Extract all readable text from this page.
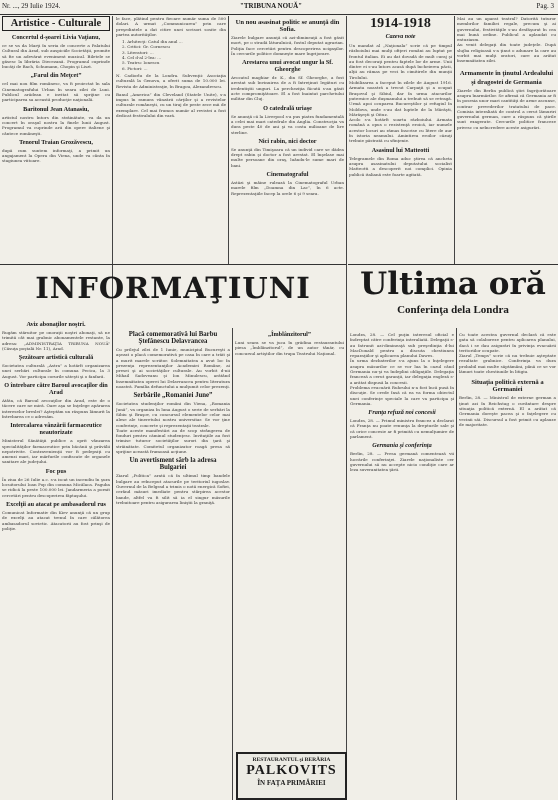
Nr. ..., 29 Iulie 1924.	"TRIBUNA NOUĂ"	Pag. 3
Artistice - Culturale
Concertul d-şoarei Livia Vaţianu,
ce se va da Marţi în seria de concerte a Palatului Cultural din Arad, sub auspiciile Societăţii, promite să fie un adevărat eveniment muzical. Biletele se găsesc la librăria Diecezană. Programul cuprinde bucăţi de Bach, Schumann, Chopin şi Liszt.
„Farul din Meţcet”
cel mai nou film românesc, va fi proiectat în sala Cinematografului Urban în seara zilei de Luni. Publicul arădean e invitat să sprijine cu participarea sa această producţie naţională.
Baritonul Jean Atanasiu,
artistul nostru întors din străinătate, va da un concert în oraşul nostru la finele lunii August. Programul va cuprinde arii din opere italiene şi cântece româneşti.
Tenorul Traian Grozăvescu,
după cum suntem informaţi, a primit un angajament la Opera din Viena, unde va cânta în stagiunea viitoare.
le face, plătind pentru fiecare număr suma de 500 dolari. A urmat „Communicarea” prin care preşedintele a dat citire unei scrisori sosite din partea autorităţilor.
1. Arhitecţi: Catul din anul ...
2. Critici: Gr. Cornescu
3. Literatori: ...
4. Cel d-al 2-lea: ...
5. Teatru: Ionescu
6. Pictori: ...
N. Cadiorlu de la Londra. Subvenţii: Asociaţia culturală la Genova, a oferit suma de 10.000 lei. Revista de Administraţie, în Bragou, Alexandrescu.
Banul „America” din Cleveland (Statele Unite), s-a impus în ramura vânzării cărţilor şi a revistelor culturale româneşti, cu un tiraj de peste zece mii de exemplare. Cel mai frumos număr al revistei a fost dedicat festivalului din vară.
Un nou asasinat politic se anunţă din Sofia.
Ziarele bulgare anunţă că azi-dimineaţă a fost găsit mort, pe o stradă lăturalnică, fostul deputat agrarian. Poliţia face cercetări pentru descoperirea ucigaşilor. În cercurile politice domneşte mare îngrijorare.
Arestarea unui avocat ungur la Sf. Gheorghe
Avocatul maghiar dr. K., din Sf. Gheorghe, a fost arestat sub învinuirea de a fi întreţinut legături cu iredentiştii unguri. La percheziţia făcută s-au găsit acte compromiţătoare. El a fost înaintat parchetului militar din Cluj.
O catedrală uriaşe
Se anunţă că la Liverpool s-a pus piatra fundamentală a celei mai mari catedrale din Anglia. Construcţia va dura peste 40 de ani şi va costa milioane de lire sterline.
Nici rabin, nici doctor
Se anunţă din Timişoara că un individ care se dădea drept rabin şi doctor a fost arestat. El înşelase mai multe persoane din oraş, luându-le sume mari de bani.
Cinematograful
Astăzi şi mâine rulează la Cinematograful Urban marele film „Doamna din Lac”, în 6 acte. Reprezentaţiile încep la orele 6 şi 9 seara.
1914-1918
Cazeva note
Un mandat al „Naţionala” scrie că pe timpul războiului mai mulţi ofiţeri români au luptat pe frontul italian. Ei au dat dovadă de mult curaj şi au fost decoraţi pentru faptele lor de arme. Unii dintre ei s-au întors acasă după încheierea păcii, alţii au rămas pe veci în cimitirele din munţii Tirolului.
Mobilizarea a început în zilele de August 1916. Armata noastră a trecut Carpaţii şi a ocupat Braşovul şi Sibiul, dar în urma atacurilor puternice ale duşmanului a trebuit să se retragă. Urmă apoi ocuparea Bucureştilor şi refugiul în Moldova, unde s-au dat luptele de la Mărăşti, Mărăşeşti şi Oituz.
Acolo s-a hotărît soarta războiului. Armata română a opus o rezistenţă eroică, iar numele acestor locuri au rămas înscrise cu litere de aur în istoria neamului. Amintirea eroilor căzuţi trebuie păstrată cu sfinţenie.
Asasinul lui Matteotti
Telegramele din Roma aduc ştirea că ancheta asupra asasinatului deputatului socialist Matteotti a descoperit noi complici. Opinia publică italiană este foarte agitată.
Mai au un aparat teatral? Datorită tuturor membrilor familiei regale, precum şi ai guvernului, festivităţile s-au desfăşurat în cea mai bună ordine. Publicul a aplaudat cu entuziasm.
Au venit delegaţi din toate judeţele. După slujba religioasă s-a ţinut o adunare la care au vorbit mai mulţi oratori, care au arătat însemnătatea zilei.
Armamente în ţinutul Ardealului
şi dragostei de Germania
Ziarele din Berlin publică ştiri îngrijorătoare asupra înarmărilor. Se afirmă că Germania ar fi în posesia unor mari cantităţi de arme ascunse, contrar prevederilor tratatului de pace. Comisia interaliată de control a cerut lămuriri guvernului german, care a răspuns că ştirile sunt exagerate. Cercurile politice franceze privesc cu neîncredere aceste asigurări.
INFORMAŢIUNI
Aviz abonaţilor noştri.
Rugăm stăruitor pe onoraţii noştri abonaţi, să ne trimită cât mai grabnic abonamentele restante, la adresa: „ADMINISTRAŢIA TRIBUNA NOUĂ” (Căsuţa poştală Nr. 11), Arad.
Şezătoare artistică culturală
Societatea culturală „Astra” a hotărît organizarea unei serbări culturale în comuna Pecica, la 3 August. Vor participa corurile săteşti şi o fanfară.
O întrebare către Baroul avocaţilor din Arad
Atâta, că Baroul avocaţilor din Arad, este de o tăcere care ne miră. Oare aşa se înţelege apărarea intereselor breslei? Aşteptăm un răspuns lămurit la întrebarea ce o adresăm.
Intercalarea vânzării farmaceutice neautorizate
Ministerul Sănătăţii publice a oprit vânzarea specialităţilor farmaceutice prin băcănii şi prăvălii nepotrivite. Contravenienţii vor fi pedepsiţi cu amenzi mari, iar mărfurile confiscate de organele sanitare ale judeţului.
Foc pus
În ziua de 26 Iulie a.c. s-a iscat un incendiu în şura locuitorului Ioan Pop din comuna Micălaca. Paguba se ridică la peste 100.000 lei. Jandarmeria a pornit cercetări pentru descoperirea făptaşului.
Excelţii au atacat pe ambasadorul rus
Comunicat Informativ din Kiev anunţă că un grup de excelţi au atacat trenul în care călătorea ambasadorul sovietic. Atacatorii au fost prinşi de poliţie.
Placă comemorativă lui Barbu Ştefănescu Delavrancea
Cu prilejul zilei de 1 Iunie, municipiul Bucureşti a aşezat o placă comemorativă pe casa în care a trăit şi a murit marele scriitor. Solemnitatea a avut loc în prezenţa reprezentanţilor Academiei Române, ai presei şi ai societăţilor culturale. Au vorbit d-nii Mihail Sadoveanu şi Ion Minulescu, arătând însemnătatea operei lui Delavrancea pentru literatura noastră. Familia defunctului a mulţumit celor prezenţi.
Serbările „Romaniei June”
Societatea studenţilor români din Viena, „Romania Jună”, va organiza în luna August o serie de serbări la Sibiu şi Braşov, cu concursul elementelor celor mai alese ale tineretului nostru universitar. Se vor ţine conferinţe, concerte şi reprezentaţii teatrale.
Toate aceste manifestări au de scop strângerea de fonduri pentru căminul studenţesc. Invitaţiile au fost trimise tuturor societăţilor surori din ţară şi străinătate. Comitetul organizator roagă presa să sprijine această frumoasă acţiune.
Un avertisment sârb la adresa Bulgariei
Ziarul „Politica” arată că în ultimul timp bandele bulgare au reînceput atacurile pe teritoriul iugoslav. Guvernul de la Belgrad a trimis o notă energică Sofiei, cerând măsuri imediate pentru stârpirea acestor bande, altfel va fi silit să ia el singur măsurile trebuitoare pentru asigurarea liniştii la graniţă.
„Îmblânzitorul”
Luni seara se va juca în grădina restaurantului piesa „Îmblânzitorul”, de un autor tânăr, cu concursul artiştilor din trupa Teatrului Naţional.
RESTAURANTUL şi BERĂRIA
PALKOVITS
ÎN FAŢA PRIMĂRIEI
Ultima oră
Conferinţa dela Londra
Londra, 28. — Cel puţin interesul oficial e îndreptat către conferinţa interaliată. Delegaţii s-au întrunit azi-dimineaţă sub preşedinţia d-lui MacDonald pentru a discuta chestiunea reparaţiilor şi aplicarea planului Dawes.
În urma dezbaterilor s-a ajuns la o înţelegere asupra măsurilor ce se vor lua în cazul când Germania nu-şi va îndeplini obligaţiile. Delegaţia franceză a cerut garanţii, iar delegaţia engleză s-a arătat dispusă la concesii.
Problema evacuării Ruhrului n-a fost încă pusă în discuţie. Se crede însă că ea va forma obiectul unei conferinţe speciale la care va participa şi Germania.
Franţa refuză noi concesii
Londra, 28. — Primul ministru francez a declarat că Franţa nu poate renunţa la drepturile sale şi că orice concesie ar fi primită cu nemulţumire de parlament.
Germania şi conferinţa
Berlin, 28. — Presa germană comentează vii lucrările conferinţei. Ziarele naţionaliste cer guvernului să nu accepte nicio condiţie care ar leza suveranitatea ţării.
Cu toate acestea guvernul declară că este gata să colaboreze pentru aplicarea planului, dacă i se dau asigurări în privinţa evacuării teritoriilor ocupate.
Ziarul „Temps” scrie că nu trebuie aşteptate rezultate grabnice. Conferinţa va dura probabil mai multe săptămâni, până ce se vor lămuri toate chestiunile în litigiu.
Situaţia politică externă a Germaniei
Berlin, 28. — Ministrul de externe german a ţinut azi în Reichstag o cuvântare despre situaţia politică externă. El a arătat că Germania doreşte pacea şi o înţelegere cu vecinii săi. Discursul a fost primit cu aplauze de majoritate.
